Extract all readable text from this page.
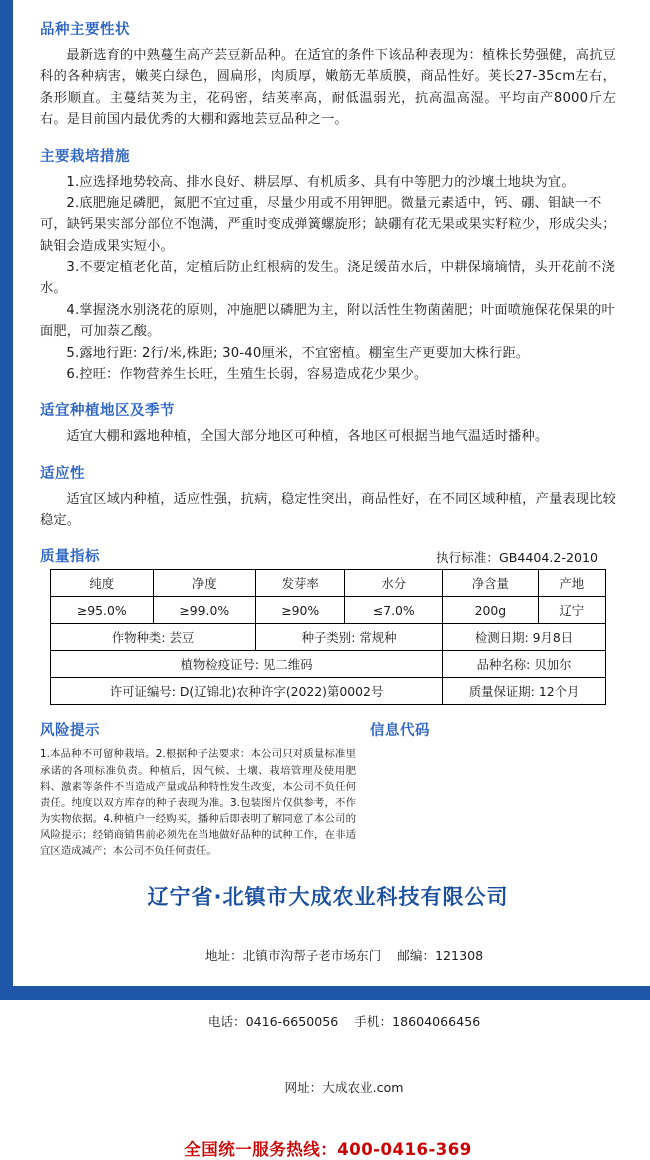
品种主要性状

最新选育的中熟蔓生高产芸豆新品种。在适宜的条件下该品种表现为：植株长势强健，高抗豆科的各种病害，嫩荚白绿色，圆扁形，肉质厚，嫩筋无革质膜，商品性好。荚长27-35cm左右，条形顺直。主蔓结荚为主，花码密，结荚率高，耐低温弱光，抗高温高湿。平均亩产8000斤左右。是目前国内最优秀的大棚和露地芸豆品种之一。

主要栽培措施

1.应选择地势较高、排水良好、耕层厚、有机质多、具有中等肥力的沙壤土地块为宜。

2.底肥施足磷肥，氮肥不宜过重，尽量少用或不用钾肥。微量元素适中，钙、硼、钼缺一不可，缺钙果实部分部位不饱满，严重时变成弹簧螺旋形；缺硼有花无果或果实籽粒少，形成尖头；缺钼会造成果实短小。

3.不要定植老化苗，定植后防止红根病的发生。浇足缓苗水后，中耕保墒墒情，头开花前不浇水。

4.掌握浇水别浇花的原则，冲施肥以磷肥为主，附以活性生物菌菌肥；叶面喷施保花保果的叶面肥，可加萘乙酸。

5.露地行距: 2行/米,株距; 30-40厘米，不宜密植。棚室生产更要加大株行距。

6.控旺：作物营养生长旺，生殖生长弱，容易造成花少果少。

适宜种植地区及季节

适宜大棚和露地种植，全国大部分地区可种植，各地区可根据当地气温适时播种。

适应性

适宜区域内种植，适应性强，抗病，稳定性突出，商品性好，在不同区域种植，产量表现比较稳定。

质量指标	执行标准：GB4404.2-2010
纯度	净度	发芽率	水分	净含量	产地
≥95.0%	≥99.0%	≥90%	≤7.0%	200g	辽宁
作物种类: 芸豆		种子类别: 常规种		检测日期: 9月8日	
植物检疫证号: 见二维码				品种名称: 贝加尔	
许可证编号: D(辽锦北)农种许字(2022)第0002号				质量保证期: 12个月	
风险提示

1.本品种不可留种栽培。2.根据种子法要求：本公司只对质量标准里承诺的各项标准负责。种植后，因气候、土壤、栽培管理及使用肥料、激素等条件不当造成产量或品种特性发生改变，本公司不负任何责任。纯度以双方库存的种子表现为准。3.包装图片仅供参考，不作为实物依据。4.种植户一经购买，播种后即表明了解同意了本公司的风险提示；经销商销售前必须先在当地做好品种的试种工作，在非适宜区造成减产；本公司不负任何责任。

信息代码
辽宁省·北镇市大成农业科技有限公司

地址：北镇市沟帮子老市场东门 邮编：121308

电话：0416-6650056 手机：18604066456

网址：大成农业.com

全国统一服务热线：400-0416-369
